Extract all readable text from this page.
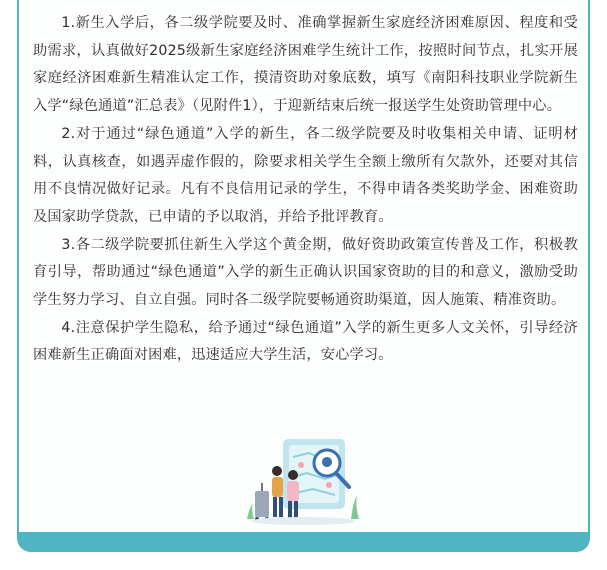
1.新生入学后，各二级学院要及时、准确掌握新生家庭经济困难原因、程度和受助需求，认真做好2025级新生家庭经济困难学生统计工作，按照时间节点，扎实开展家庭经济困难新生精准认定工作，摸清资助对象底数，填写《南阳科技职业学院新生入学“绿色通道”汇总表》（见附件1），于迎新结束后统一报送学生处资助管理中心。

2.对于通过“绿色通道”入学的新生，各二级学院要及时收集相关申请、证明材料，认真核查，如遇弄虚作假的，除要求相关学生全额上缴所有欠款外，还要对其信用不良情况做好记录。凡有不良信用记录的学生，不得申请各类奖助学金、困难资助及国家助学贷款，已申请的予以取消，并给予批评教育。

3.各二级学院要抓住新生入学这个黄金期，做好资助政策宣传普及工作，积极教育引导，帮助通过“绿色通道”入学的新生正确认识国家资助的目的和意义，激励受助学生努力学习、自立自强。同时各二级学院要畅通资助渠道，因人施策、精准资助。

4.注意保护学生隐私，给予通过“绿色通道”入学的新生更多人文关怀，引导经济困难新生正确面对困难，迅速适应大学生活，安心学习。
